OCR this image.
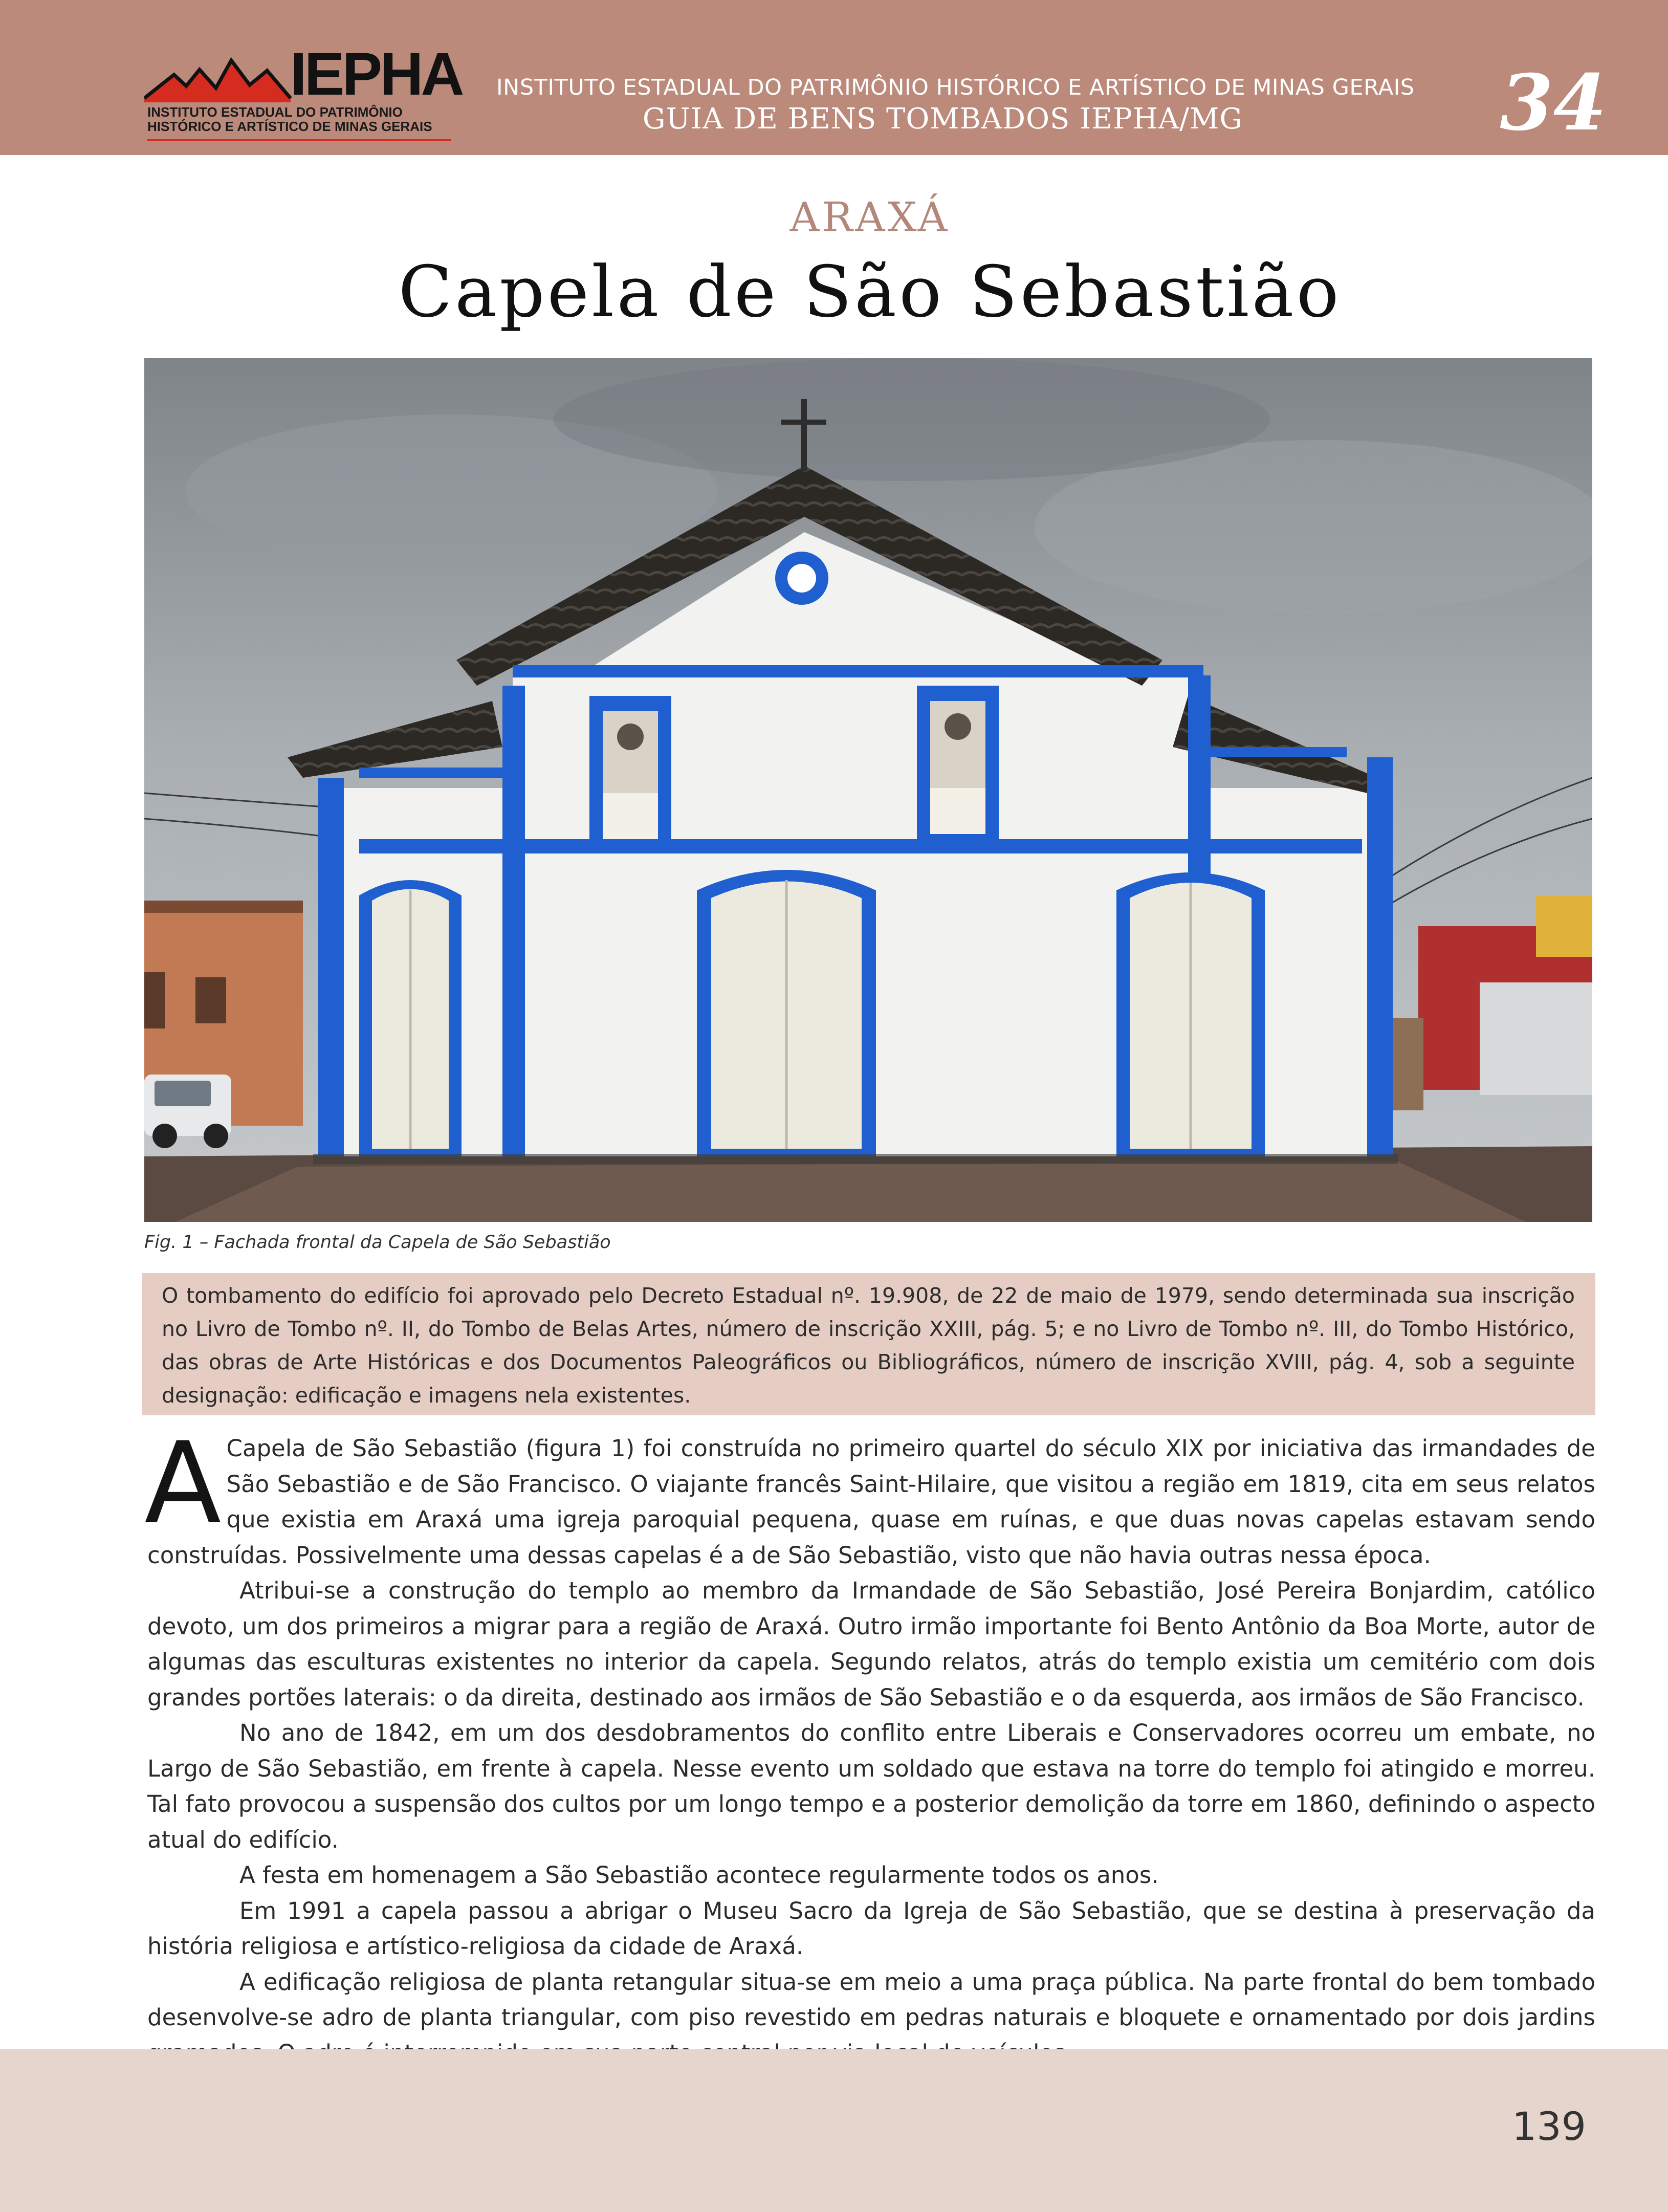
IEPHA
INSTITUTO ESTADUAL DO PATRIMÔNIO
HISTÓRICO E ARTÍSTICO DE MINAS GERAIS
INSTITUTO ESTADUAL DO PATRIMÔNIO HISTÓRICO E ARTÍSTICO DE MINAS GERAIS
GUIA DE BENS TOMBADOS IEPHA/MG	34
ARAXÁ
Capela de São Sebastião
Fig. 1 – Fachada frontal da Capela de São Sebastião

O tombamento do edifício foi aprovado pelo Decreto Estadual nº. 19.908, de 22 de maio de 1979, sendo determinada sua inscrição no Livro de Tombo nº. II, do Tombo de Belas Artes, número de inscrição XXIII, pág. 5; e no Livro de Tombo nº. III, do Tombo Histórico, das obras de Arte Históricas e dos Documentos Paleográficos ou Bibliográficos, número de inscrição XVIII, pág. 4, sob a seguinte designação: edificação e imagens nela existentes.

A Capela de São Sebastião (figura 1) foi construída no primeiro quartel do século XIX por iniciativa das irmandades de São Sebastião e de São Francisco. O viajante francês Saint-Hilaire, que visitou a região em 1819, cita em seus relatos que existia em Araxá uma igreja paroquial pequena, quase em ruínas, e que duas novas capelas estavam sendo construídas. Possivelmente uma dessas capelas é a de São Sebastião, visto que não havia outras nessa época.

Atribui-se a construção do templo ao membro da Irmandade de São Sebastião, José Pereira Bonjardim, católico devoto, um dos primeiros a migrar para a região de Araxá. Outro irmão importante foi Bento Antônio da Boa Morte, autor de algumas das esculturas existentes no interior da capela. Segundo relatos, atrás do templo existia um cemitério com dois grandes portões laterais: o da direita, destinado aos irmãos de São Sebastião e o da esquerda, aos irmãos de São Francisco.

No ano de 1842, em um dos desdobramentos do conflito entre Liberais e Conservadores ocorreu um embate, no Largo de São Sebastião, em frente à capela. Nesse evento um soldado que estava na torre do templo foi atingido e morreu. Tal fato provocou a suspensão dos cultos por um longo tempo e a posterior demolição da torre em 1860, definindo o aspecto atual do edifício.

A festa em homenagem a São Sebastião acontece regularmente todos os anos.

Em 1991 a capela passou a abrigar o Museu Sacro da Igreja de São Sebastião, que se destina à preservação da história religiosa e artístico-religiosa da cidade de Araxá.

A edificação religiosa de planta retangular situa-se em meio a uma praça pública. Na parte frontal do bem tombado desenvolve-se adro de planta triangular, com piso revestido em pedras naturais e bloquete e ornamentado por dois jardins

139
